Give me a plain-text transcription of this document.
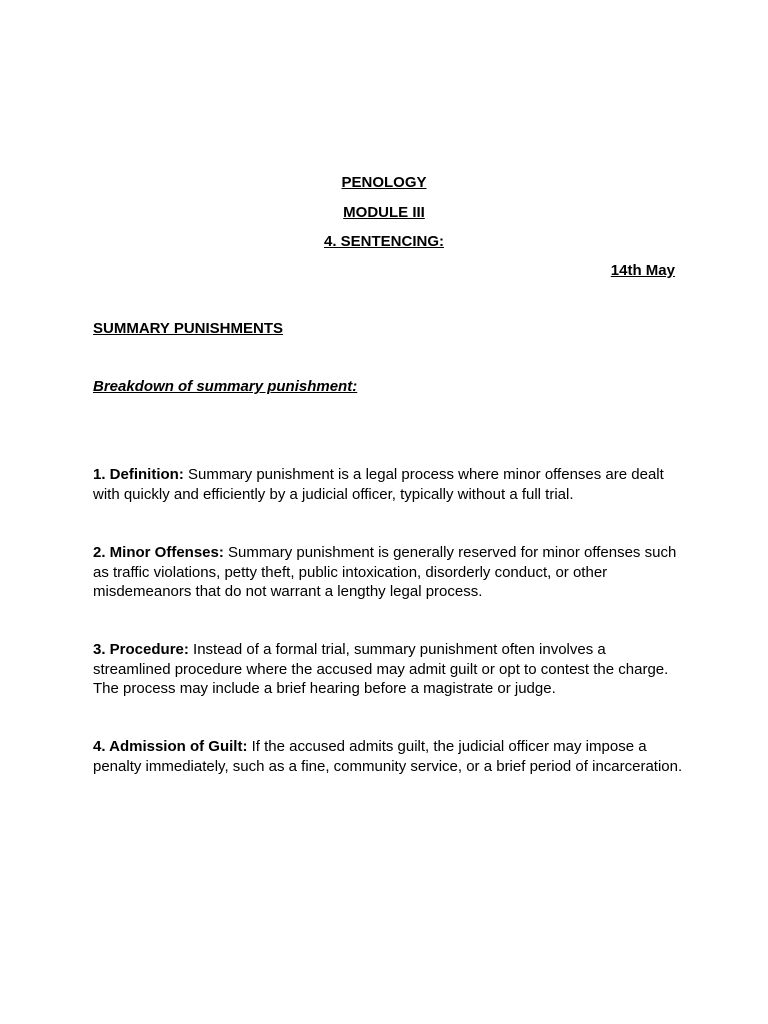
PENOLOGY
MODULE III
4. SENTENCING:
14th May
SUMMARY PUNISHMENTS
Breakdown of summary punishment:
1. Definition: Summary punishment is a legal process where minor offenses are dealt with quickly and efficiently by a judicial officer, typically without a full trial.
2. Minor Offenses: Summary punishment is generally reserved for minor offenses such as traffic violations, petty theft, public intoxication, disorderly conduct, or other misdemeanors that do not warrant a lengthy legal process.
3. Procedure: Instead of a formal trial, summary punishment often involves a streamlined procedure where the accused may admit guilt or opt to contest the charge. The process may include a brief hearing before a magistrate or judge.
4. Admission of Guilt: If the accused admits guilt, the judicial officer may impose a penalty immediately, such as a fine, community service, or a brief period of incarceration.
